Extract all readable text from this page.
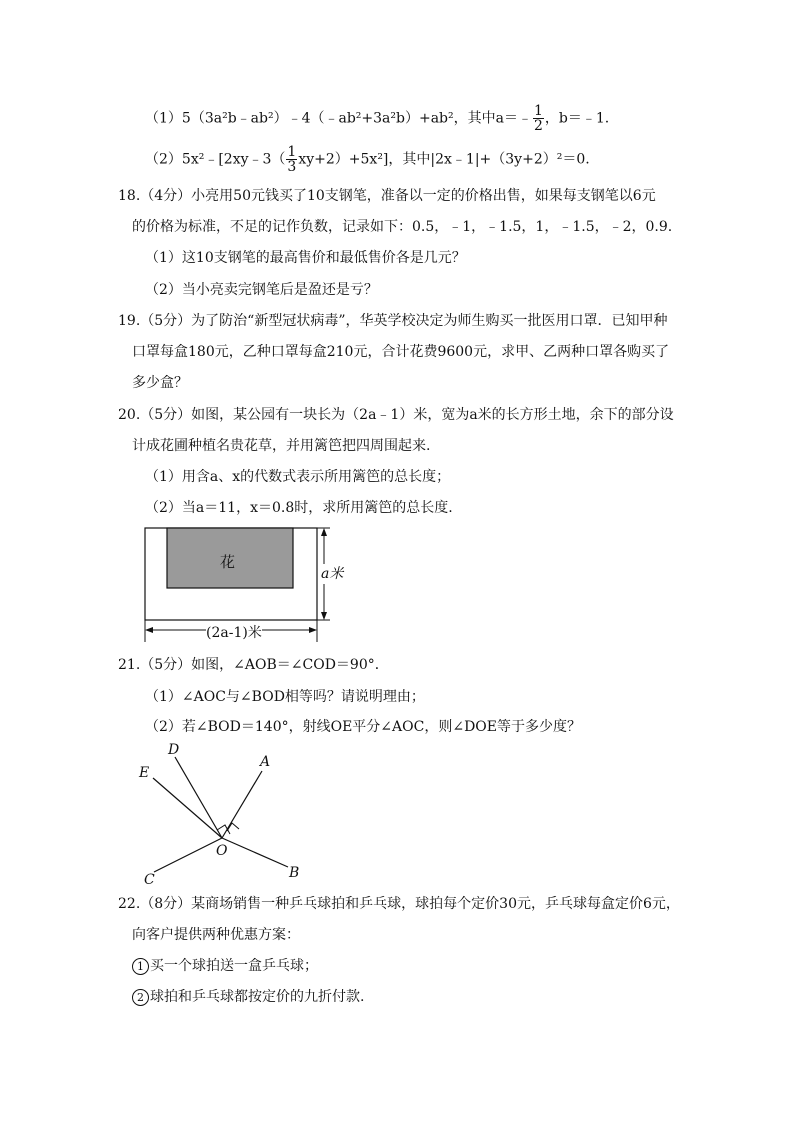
（1）5（3a²b﹣ab²）﹣4（﹣ab²+3a²b）+ab²，其中a＝﹣ $\frac{1}{2}$ ，b＝﹣1.
（2）5x²﹣[2xy﹣3（ $\frac{1}{3} xy+2)+5x^2$]，其中|2x﹣1|+（3y+2）²＝0.
18.（4分）小亮用50元钱买了10支钢笔，准备以一定的价格出售，如果每支钢笔以6元
的价格为标准，不足的记作负数，记录如下：0.5，﹣1，﹣1.5，1，﹣1.5，﹣2，0.9.
（1）这10支钢笔的最高售价和最低售价各是几元？
（2）当小亮卖完钢笔后是盈还是亏？
19.（5分）为了防治“新型冠状病毒”，华英学校决定为师生购买一批医用口罩．已知甲种
口罩每盒180元，乙种口罩每盒210元，合计花费9600元，求甲、乙两种口罩各购买了
多少盒？
20.（5分）如图，某公园有一块长为（2a﹣1）米，宽为a米的长方形土地，余下的部分设
计成花圃种植名贵花草，并用篱笆把四周围起来.
（1）用含a、x的代数式表示所用篱笆的总长度；
（2）当a＝11，x＝0.8时，求所用篱笆的总长度.
花
a米
(2a-1)米
21.（5分）如图，∠AOB＝∠COD＝90°．
（1）∠AOC与∠BOD相等吗？请说明理由；
（2）若∠BOD＝140°，射线OE平分∠AOC，则∠DOE等于多少度？
D
A
E
O
C	B
22.（8分）某商场销售一种乒乓球拍和乒乓球，球拍每个定价30元，乒乓球每盒定价6元，
向客户提供两种优惠方案：
1 买一个球拍送一盒乒乓球；
2 球拍和乒乓球都按定价的九折付款.
